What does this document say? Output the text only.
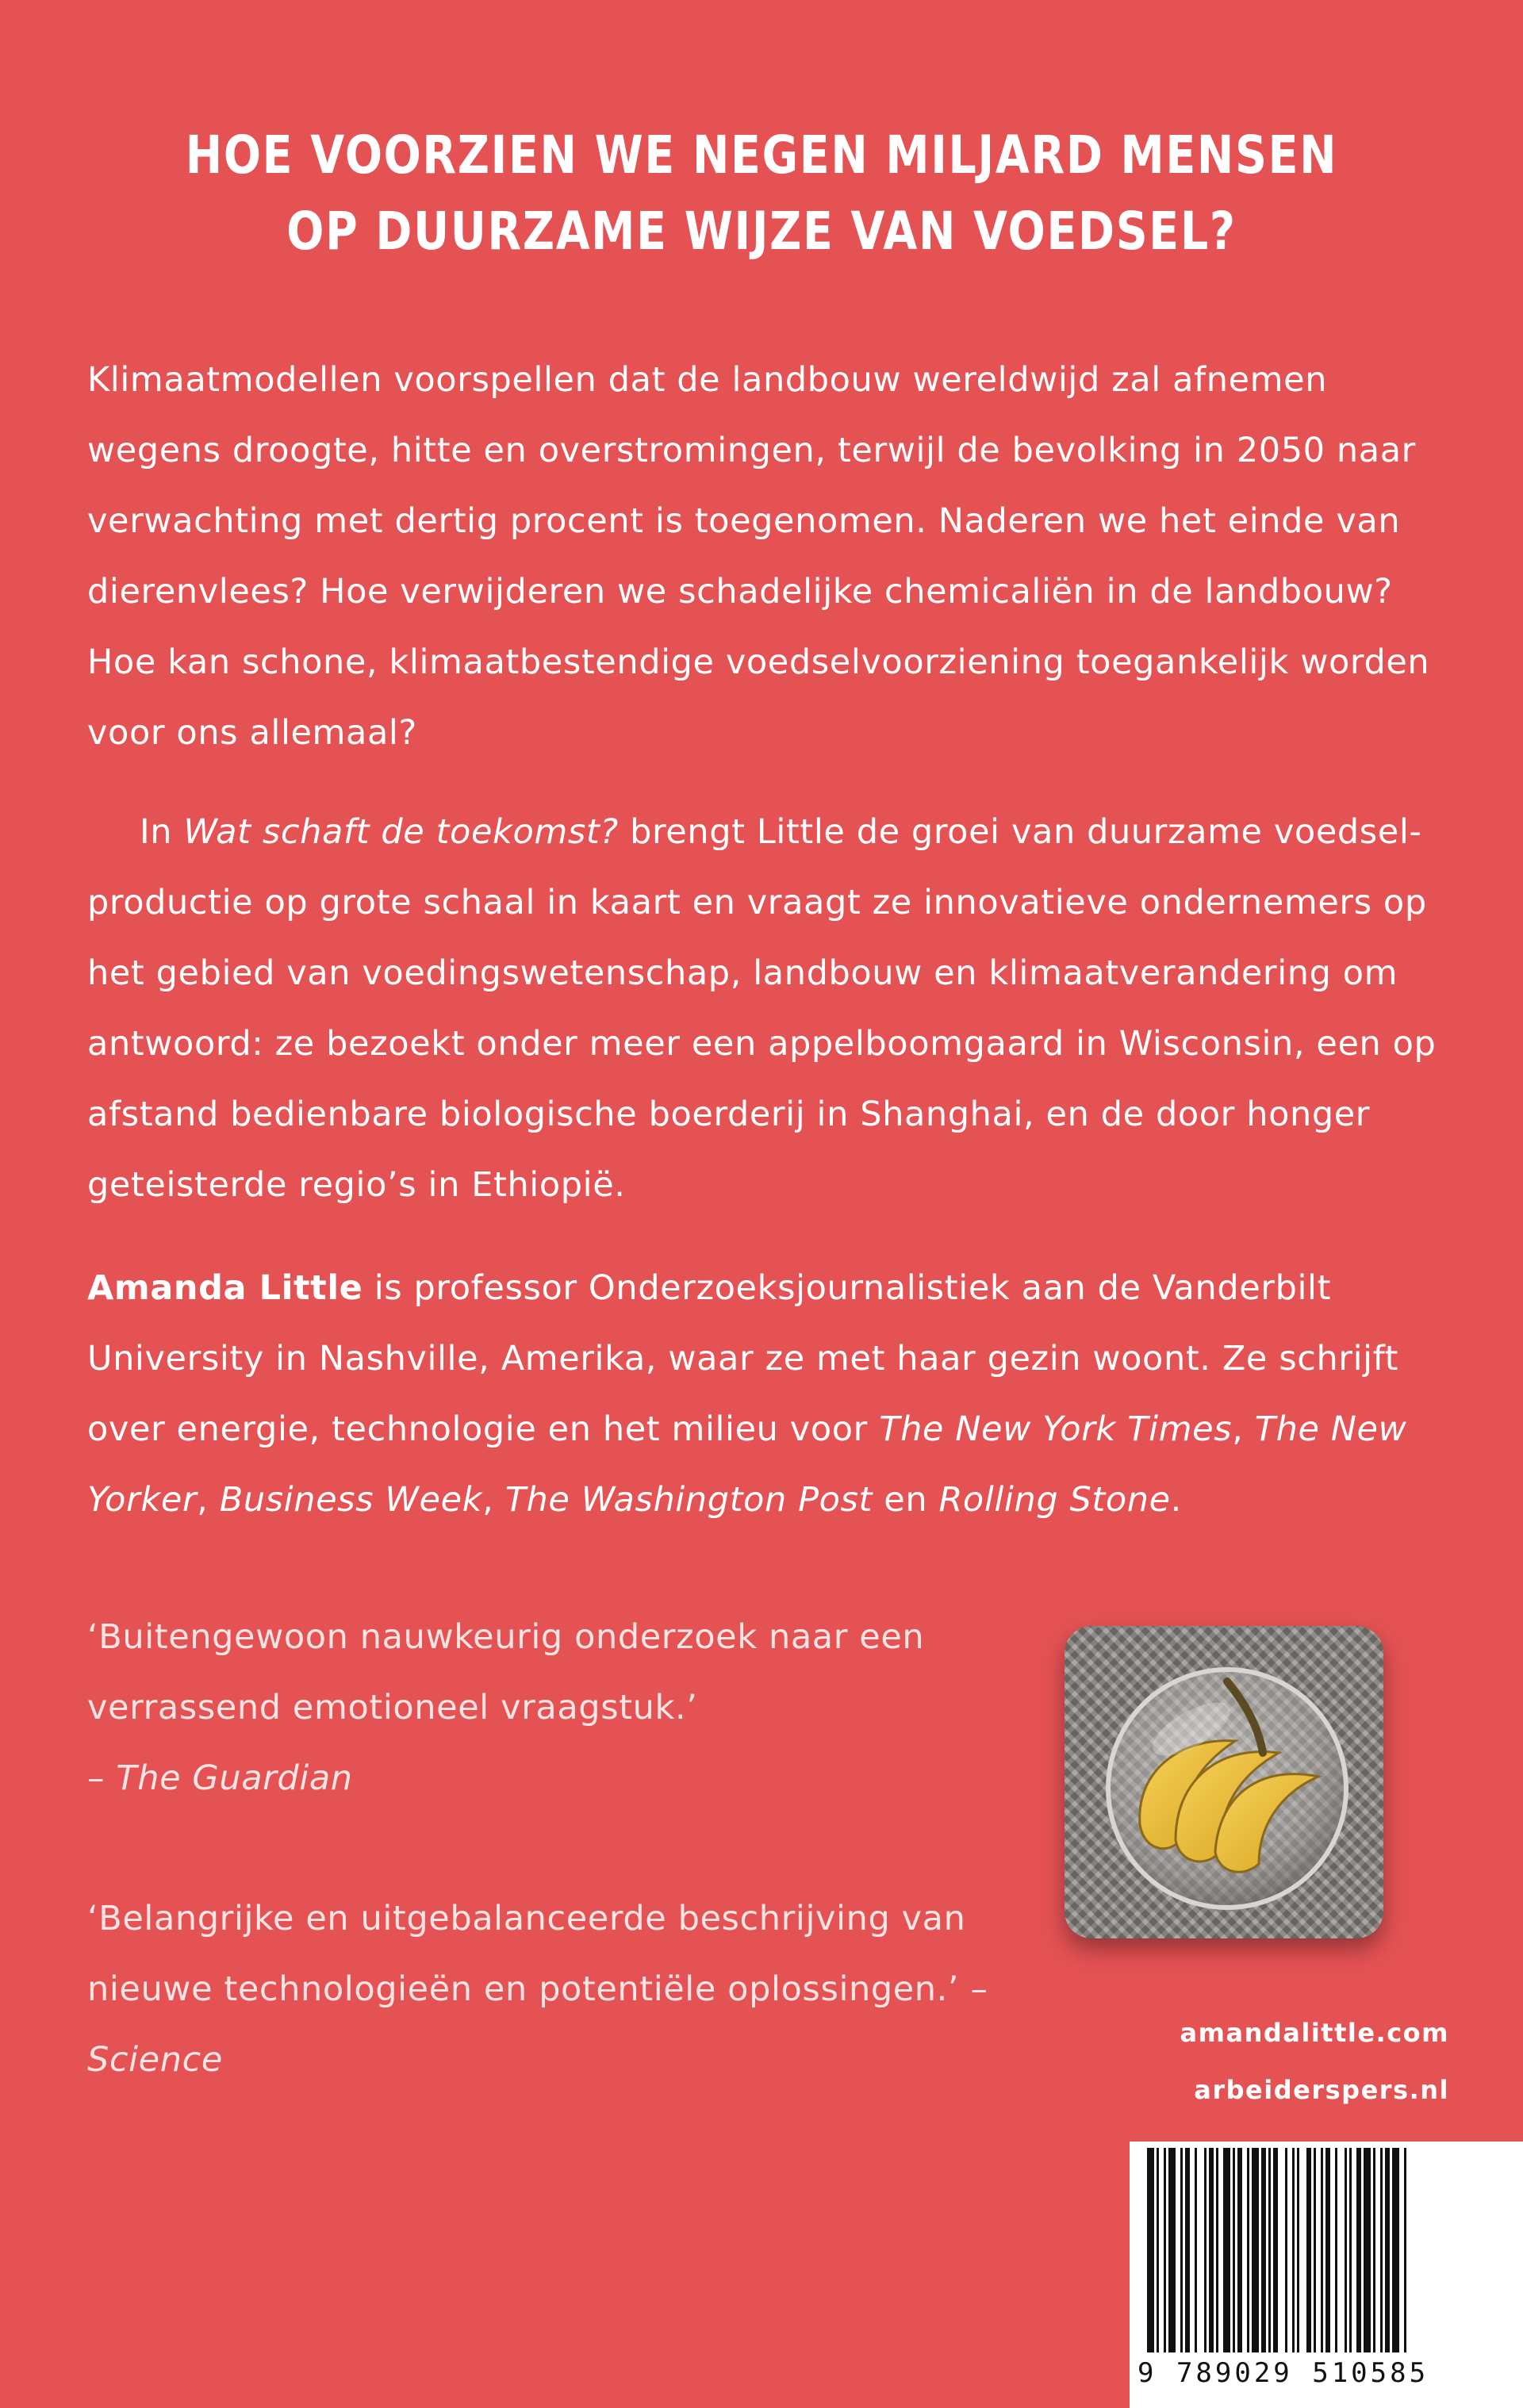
HOE VOORZIEN WE NEGEN MILJARD MENSEN
OP DUURZAME WIJZE VAN VOEDSEL?

Klimaatmodellen voorspellen dat de landbouw wereldwijd zal afnemen wegens droogte, hitte en overstromingen, terwijl de bevolking in 2050 naar verwachting met dertig procent is toegenomen. Naderen we het einde van dierenvlees? Hoe verwijderen we schadelijke chemicaliën in de landbouw? Hoe kan schone, klimaatbestendige voedselvoorziening toegankelijk worden voor ons allemaal?

In Wat schaft de toekomst? brengt Little de groei van duurzame voedselproductie op grote schaal in kaart en vraagt ze innovatieve ondernemers op het gebied van voedingswetenschap, landbouw en klimaatverandering om antwoord: ze bezoekt onder meer een appelboomgaard in Wisconsin, een op afstand bedienbare biologische boerderij in Shanghai, en de door honger geteisterde regio’s in Ethiopië.

Amanda Little is professor Onderzoeksjournalistiek aan de Vanderbilt University in Nashville, Amerika, waar ze met haar gezin woont. Ze schrijft over energie, technologie en het milieu voor The New York Times, The New Yorker, Business Week, The Washington Post en Rolling Stone.

‘Buitengewoon nauwkeurig onderzoek naar een verrassend emotioneel vraagstuk.’
– The Guardian

‘Belangrijke en uitgebalanceerde beschrijving van nieuwe technologieën en potentiële oplossingen.’ – Science

amandalittle.com
arbeiderspers.nl
9 789029 510585
